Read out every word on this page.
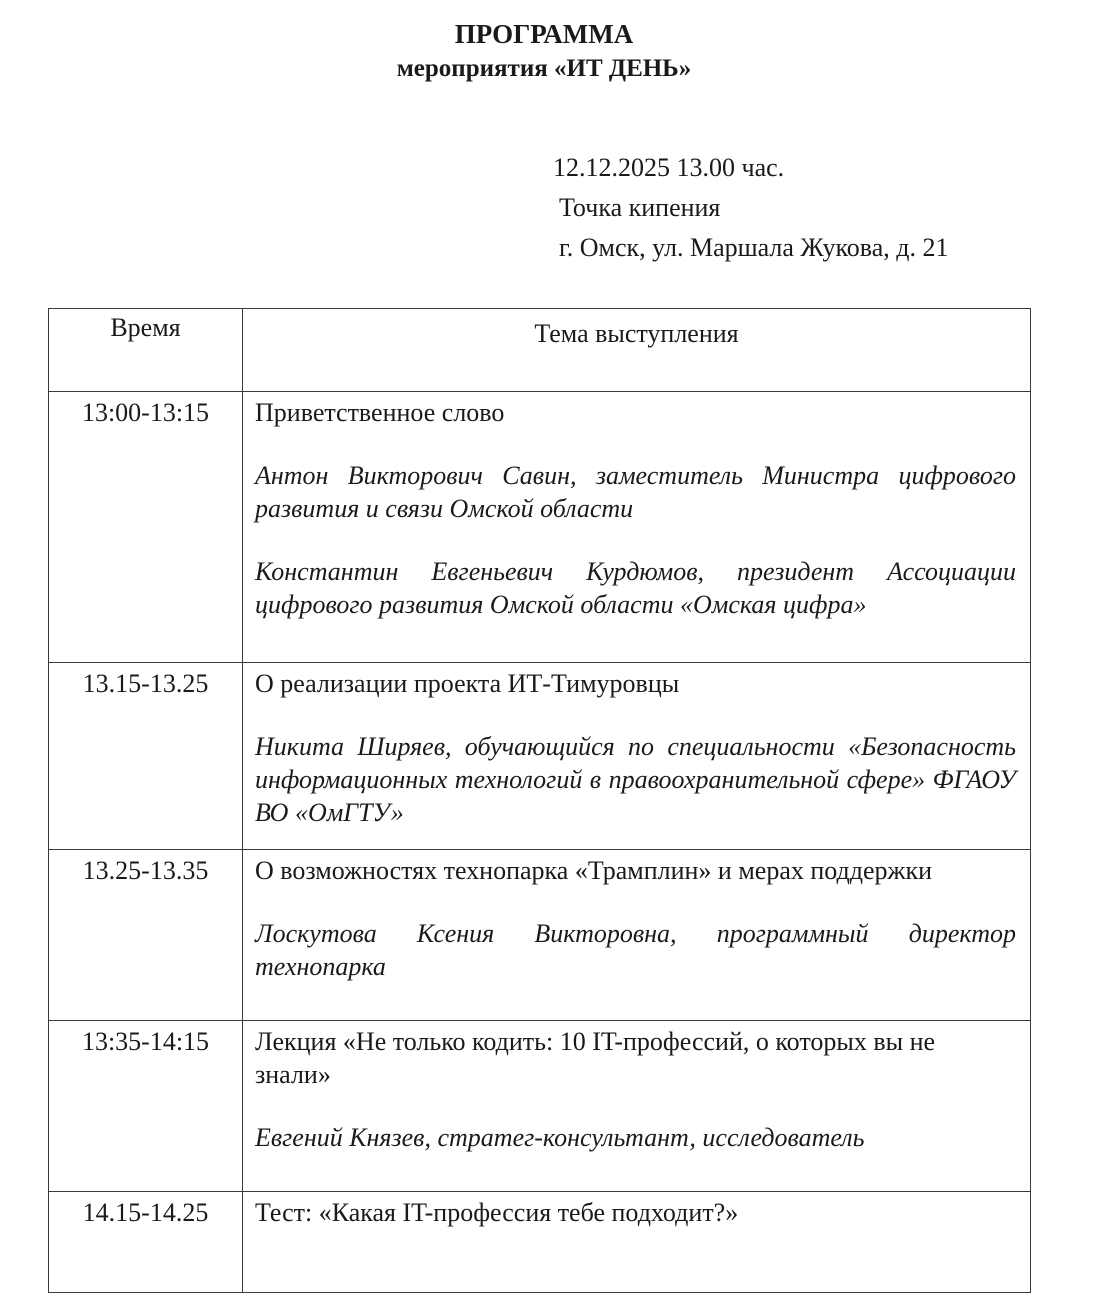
ПРОГРАММА
мероприятия «ИТ ДЕНЬ»
12.12.2025 13.00 час.
Точка кипения
г. Омск, ул. Маршала Жукова, д. 21
Время	Тема выступления
13:00-13:15	Приветственное слово

Антон Викторович Савин, заместитель Министра цифрового развития и связи Омской области

Константин Евгеньевич Курдюмов, президент Ассоциации цифрового развития Омской области «Омская цифра»

13.15-13.25	О реализации проекта ИТ-Тимуровцы

Никита Ширяев, обучающийся по специальности «Безопасность информационных технологий в правоохранительной сфере» ФГАОУ ВО «ОмГТУ»

13.25-13.35	О возможностях технопарка «Трамплин» и мерах поддержки

Лоскутова Ксения Викторовна, программный директор технопарка

13:35-14:15	Лекция «Не только кодить: 10 IT-профессий, о которых вы не знали»

Евгений Князев, стратег-консультант, исследователь

14.15-14.25	Тест: «Какая IT-профессия тебе подходит?»
